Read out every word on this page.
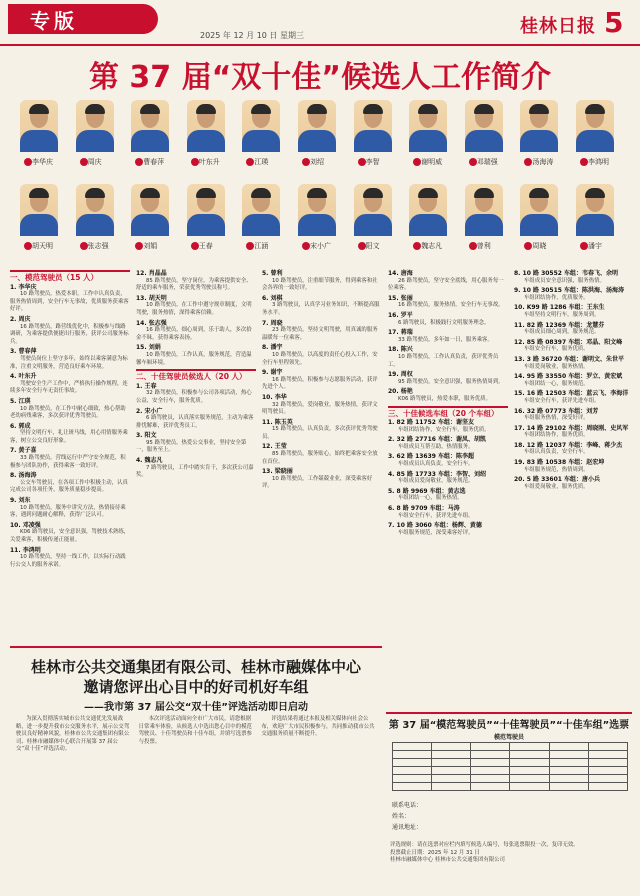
专版
2025 年 12 月 10 日 星期三	桂林日报 5
第 37 届“双十佳”候选人工作简介
李华庆	周庆	曹春萍	叶东升	江瑛	刘绍	李智	谢明威	邓瑞强	汤海涛	李鸿明
胡天明	张志强	刘娟	王春	江涵	宋小广	阳文	魏志凡	曾利	周晓	潘宇
一、模范驾驶员（15 人）
1. 李华庆

10 路驾驶员，热爱本职，工作中认真负责，服务热情周到，安全行车无事故，优质服务获乘客好评。

2. 周庆

16 路驾驶员，路营线优化中，积极参与线路调研，为乘客提供便捷出行服务，获评公司服务标兵。

3. 曹春萍

驾驶员岗位上坚守多年，始终以乘客满意为标准，注重文明服务，营造良好乘车环境。

4. 叶东升

驾驶安全生产工作中，严格执行操作规程，连续多年安全行车无责任事故。

5. 江瑛

10 路驾驶员，在工作中耐心细致，热心帮助老幼病残乘客，多次获评优秀驾驶员。

6. 郭成

坚持文明行车，礼让斑马线，用心用情服务乘客，树立公交良好形象。

7. 黄子喜

33 路驾驶员，营线运行中严守安全规范，积极参与团队协作，获得乘客一致好评。

8. 汤海涛

公交车驾驶员，在各项工作中积极主动，认真完成公司各项任务，服务质量稳步提高。

9. 刘东

10 路驾驶员，服务中讲究方法，热情接待乘客，遇到问题耐心解释，获得广泛认可。

10. 邓凌强

K06 路驾驶员，安全意识强，驾驶技术熟练，关爱乘客，积极传递正能量。

11. 李鸿明

10 路驾驶员，坚持一线工作，以实际行动践行公交人的服务承诺。

12. 肖晶晶

85 路驾驶员，坚守岗位，为乘客提供安全、舒适的乘车服务，荣获优秀驾驶员称号。

13. 胡天明

10 路驾驶员，在工作中遵守规章制度，文明驾驶，服务热情，深得乘客信赖。

14. 张志强

16 路驾驶员，细心周到，乐于助人，多次拾金不昧，获得乘客表扬。

15. 刘娟

10 路驾驶员，工作认真，服务规范，营造温馨车厢环境。

二、十佳驾驶员候选人（20 人）
1. 王春

32 路驾驶员，积极参与公司各项活动，热心公益，安全行车，服务优质。

2. 宋小广

6 路驾驶员，认真落实服务规范，主动为乘客排忧解难，获评优秀员工。

3. 阳文

95 路驾驶员，热爱公交事业，坚持安全第一，服务至上。

4. 魏志凡

7 路驾驶员，工作中踏实肯干，多次获公司嘉奖。

5. 曾利

10 路驾驶员，注重细节服务，得到乘客和社会各界的一致好评。

6. 刘棋

3 路驾驶员，认真学习业务知识，不断提高服务水平。

7. 周晓

23 路驾驶员，坚持文明驾驶，用真诚的服务温暖每一位乘客。

8. 潘宇

10 路驾驶员，以高度的责任心投入工作，安全行车里程领先。

9. 谢宇

16 路驾驶员，积极参与志愿服务活动，获评先进个人。

10. 李华

32 路驾驶员，爱岗敬业，服务热情，获评文明驾驶员。

11. 陈玉英

15 路驾驶员，认真负责，多次获评优秀驾驶员。

12. 王莹

85 路驾驶员，服务贴心，始终把乘客安全放在首位。

13. 梁晓丽

10 路驾驶员，工作兢兢业业，深受乘客好评。

14. 唐海

26 路驾驶员，坚守安全底线，用心服务每一位乘客。

15. 张丽

16 路驾驶员，服务热情，安全行车无事故。

16. 罗平

6 路驾驶员，积极践行文明服务理念。

17. 蒋瑞

33 路驾驶员，多年如一日，服务乘客。

18. 陈兴

10 路驾驶员，工作认真负责，获评优秀员工。

19. 周权

95 路驾驶员，安全意识强，服务热情周到。

20. 杨艳

K06 路驾驶员，热爱本职，服务优质。

三、十佳候选车组（20 个车组）
1. 82 路 11752 车组：谢坚友

车组团结协作，安全行车，服务优质。

2. 32 路 27716 车组：谢凤、胡凯

车组成员互帮互助，热情服务。

3. 62 路 13639 车组：陈李超

车组成员认真负责，安全行车。

4. 85 路 17733 车组：李智、刘绍

车组成员爱岗敬业，服务规范。

5. 8 路 9969 车组：黄志选

车组团结一心，服务热情。

6. 8 路 9709 车组：马涛

车组安全行车，获评先进车组。

7. 10 路 3060 车组：杨辉、黄德

车组服务规范，深受乘客好评。

8. 10 路 30552 车组：韦春飞、余明

车组成员安全意识强，服务热情。

9. 10 路 30515 车组：陈洪海、汤海涛

车组团结协作，优质服务。

10. K99 路 1286 车组：王东生

车组坚持文明行车，服务周到。

11. 82 路 12369 车组：龙慧芬

车组成员细心周到，服务规范。

12. 85 路 08397 车组：邓晶、阳文峰

车组安全行车，服务优质。

13. 3 路 36720 车组：谢明文、朱世平

车组爱岗敬业，服务热情。

14. 95 路 33550 车组：罗立、黄宏斌

车组团结一心，服务规范。

15. 16 路 12503 车组：蓝云飞、李海洋

车组安全行车，获评先进车组。

16. 32 路 07773 车组：刘芳

车组服务热情，深受好评。

17. 14 路 29102 车组：周晓刚、史风军

车组团结协作，服务优质。

18. 12 路 12037 车组：李峰、蒋少杰

车组认真负责，安全行车。

19. 83 路 10538 车组：赵宏坤

车组服务规范，热情周到。

20. 5 路 33601 车组：唐小兵

车组爱岗敬业，服务优质。

桂林市公共交通集团有限公司、桂林市融媒体中心
邀请您评出心目中的好司机好车组
——我市第 37 届公交“双十佳”评选活动即日启动

为深入贯彻落实城市公共交通优先发展战略，进一步提升我市公交服务水平，展示公交驾驶员良好精神风貌，桂林市公共交通集团有限公司、桂林市融媒体中心联合开展第 37 届公交“双十佳”评选活动。

本次评选活动面向全市广大市民，请您根据日常乘车体验，从候选人中选出您心目中的模范驾驶员、十佳驾驶员和十佳车组，并填写选票参与投票。

评选结果将通过本报及相关媒体向社会公布，欢迎广大市民积极参与，共同推动我市公共交通服务质量不断提升。

第 37 届“模范驾驶员”“十佳驾驶员”“十佳车组”选票
模范驾驶员

联系电话：
姓名：
通讯地址：

评选规则：请在选票对应栏内填写候选人编号，每张选票限投一次，复印无效。

投票截止日期：2025 年 12 月 31 日

桂林市融媒体中心 桂林市公共交通集团有限公司
